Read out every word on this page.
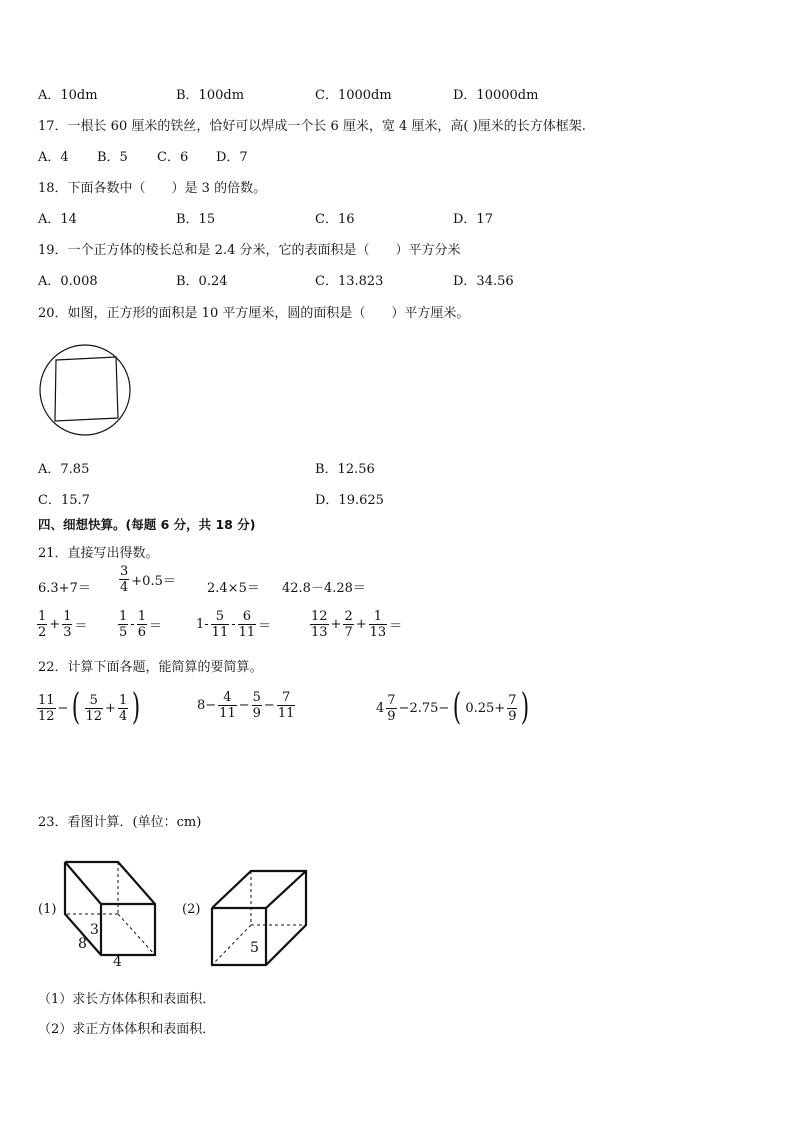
A．10dm	B．100dm	C．1000dm	D．10000dm
17．一根长 60 厘米的铁丝，恰好可以焊成一个长 6 厘米，宽 4 厘米，高( )厘米的长方体框架.
A．4 B．5 C．6 D．7
18．下面各数中（　　）是 3 的倍数。
A．14	B．15	C．16	D．17
19．一个正方体的棱长总和是 2.4 分米，它的表面积是（　　）平方分米
A．0.008	B．0.24	C．13.823	D．34.56
20．如图，正方形的面积是 10 平方厘米，圆的面积是（　　）平方厘米。
A．7.85	B．12.56
C．15.7	D．19.625
四、细想快算。(每题 6 分，共 18 分)
21．直接写出得数。
$6.3+7= \frac{3}{4} +0.5= 2.4\times 5= 42.8-4.28=$
$\frac{1}{2} + \frac{1}{3} = \frac{1}{5} - \frac{1}{6}$ ＝	$1- \frac{5}{11} - \frac{6}{11}$ ＝	$\frac{12}{13} + \frac{2}{7} + \frac{1}{13}$ ＝
22．计算下面各题，能简算的要简算。
$\frac{11}{12}$ − ( $\frac{5}{12} + \frac{1}{4}$ )	$8- \frac{4}{11} - \frac{5}{9} - \frac{7}{11}$	$4 \frac{7}{9} -2.75-$ ( $0.25+ \frac{7}{9}$ )
23．看图计算．(单位：cm)
(1)
3
8
4
(2)
5
（1）求长方体体积和表面积．
（2）求正方体体积和表面积．
